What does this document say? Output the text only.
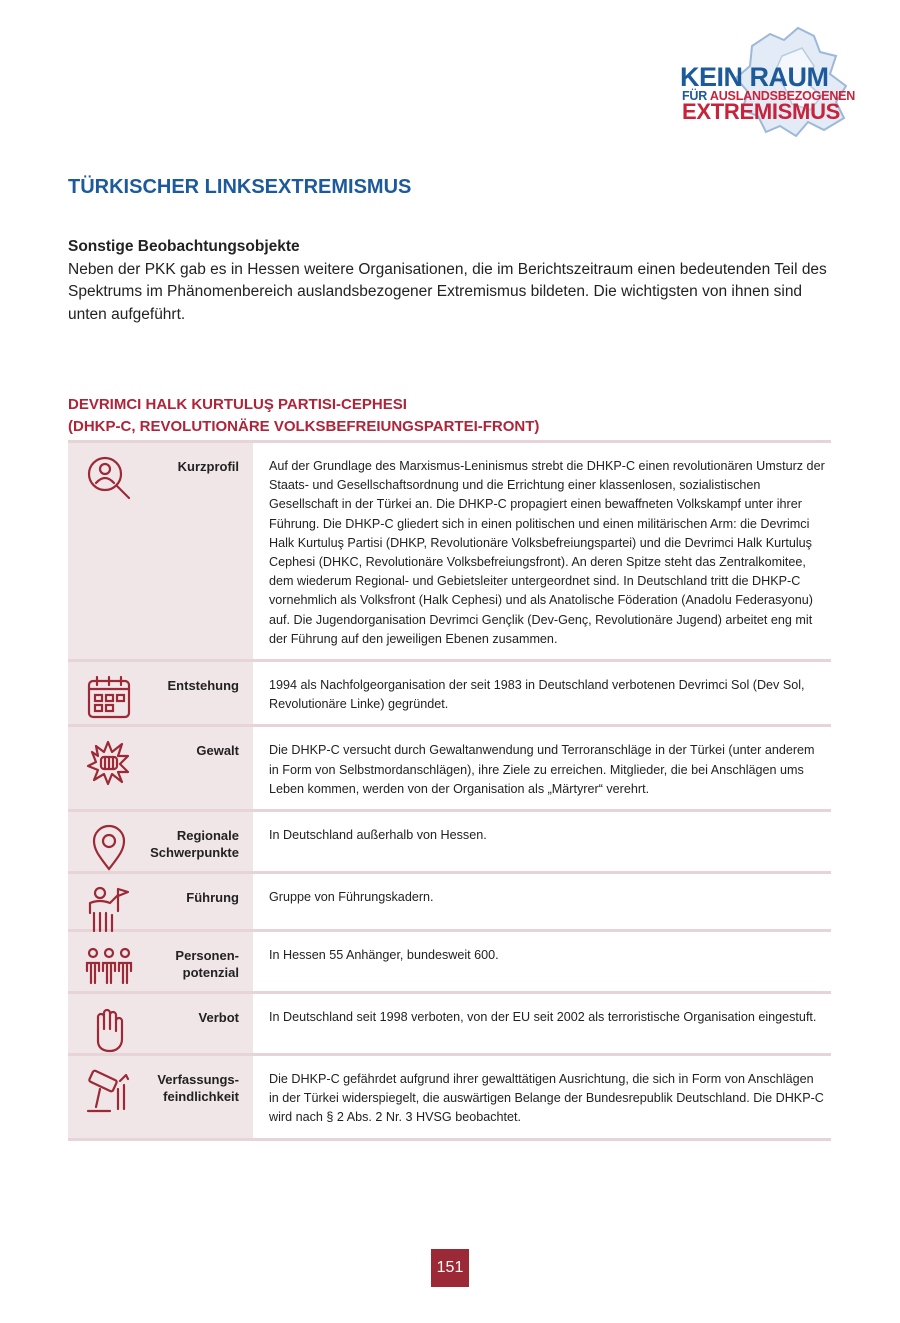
KEIN RAUM
FÜR AUSLANDSBEZOGENEN
EXTREMISMUS
TÜRKISCHER LINKSEXTREMISMUS
Sonstige Beobachtungsobjekte
Neben der PKK gab es in Hessen weitere Organisationen, die im Berichtszeitraum einen bedeutenden Teil des Spektrums im Phänomenbereich auslandsbezogener Extremismus bildeten. Die wichtigsten von ihnen sind unten aufgeführt.
DEVRIMCI HALK KURTULUŞ PARTISI-CEPHESI
(DHKP-C, REVOLUTIONÄRE VOLKSBEFREIUNGSPARTEI-FRONT)
Kurzprofil	Auf der Grundlage des Marxismus-Leninismus strebt die DHKP-C einen revolutionären Umsturz der Staats- und Gesellschaftsordnung und die Errichtung einer klassenlosen, sozialistischen Gesellschaft in der Türkei an. Die DHKP-C propagiert einen bewaffneten Volkskampf unter ihrer Führung. Die DHKP-C gliedert sich in einen politischen und einen militärischen Arm: die Devrimci Halk Kurtuluş Partisi (DHKP, Revolutionäre Volksbefreiungspartei) und die Devrimci Halk Kurtuluş Cephesi (DHKC, Revolutionäre Volksbefreiungsfront). An deren Spitze steht das Zentralkomitee, dem wiederum Regional- und Gebietsleiter untergeordnet sind. In Deutschland tritt die DHKP-C vornehmlich als Volksfront (Halk Cephesi) und als Anatolische Föderation (Anadolu Federasyonu) auf. Die Jugendorganisation Devrimci Gençlik (Dev-Genç, Revolutionäre Jugend) arbeitet eng mit der Führung auf den jeweiligen Ebenen zusammen.

Entstehung	1994 als Nachfolgeorganisation der seit 1983 in Deutschland verbotenen Devrimci Sol (Dev Sol, Revolutionäre Linke) gegründet.

Gewalt	Die DHKP-C versucht durch Gewaltanwendung und Terroranschläge in der Türkei (unter anderem in Form von Selbstmordanschlägen), ihre Ziele zu erreichen. Mitglieder, die bei Anschlägen ums Leben kommen, werden von der Organisation als „Märtyrer“ verehrt.

Regionale
Schwerpunkte	In Deutschland außerhalb von Hessen.

Führung	Gruppe von Führungskadern.

Personen-
potenzial	In Hessen 55 Anhänger, bundesweit 600.

Verbot	In Deutschland seit 1998 verboten, von der EU seit 2002 als terroristische Organisation eingestuft.

Verfassungs-
feindlichkeit	Die DHKP-C gefährdet aufgrund ihrer gewalttätigen Ausrichtung, die sich in Form von Anschlägen in der Türkei widerspiegelt, die auswärtigen Belange der Bundesrepublik Deutschland. Die DHKP-C wird nach § 2 Abs. 2 Nr. 3 HVSG beobachtet.
151
